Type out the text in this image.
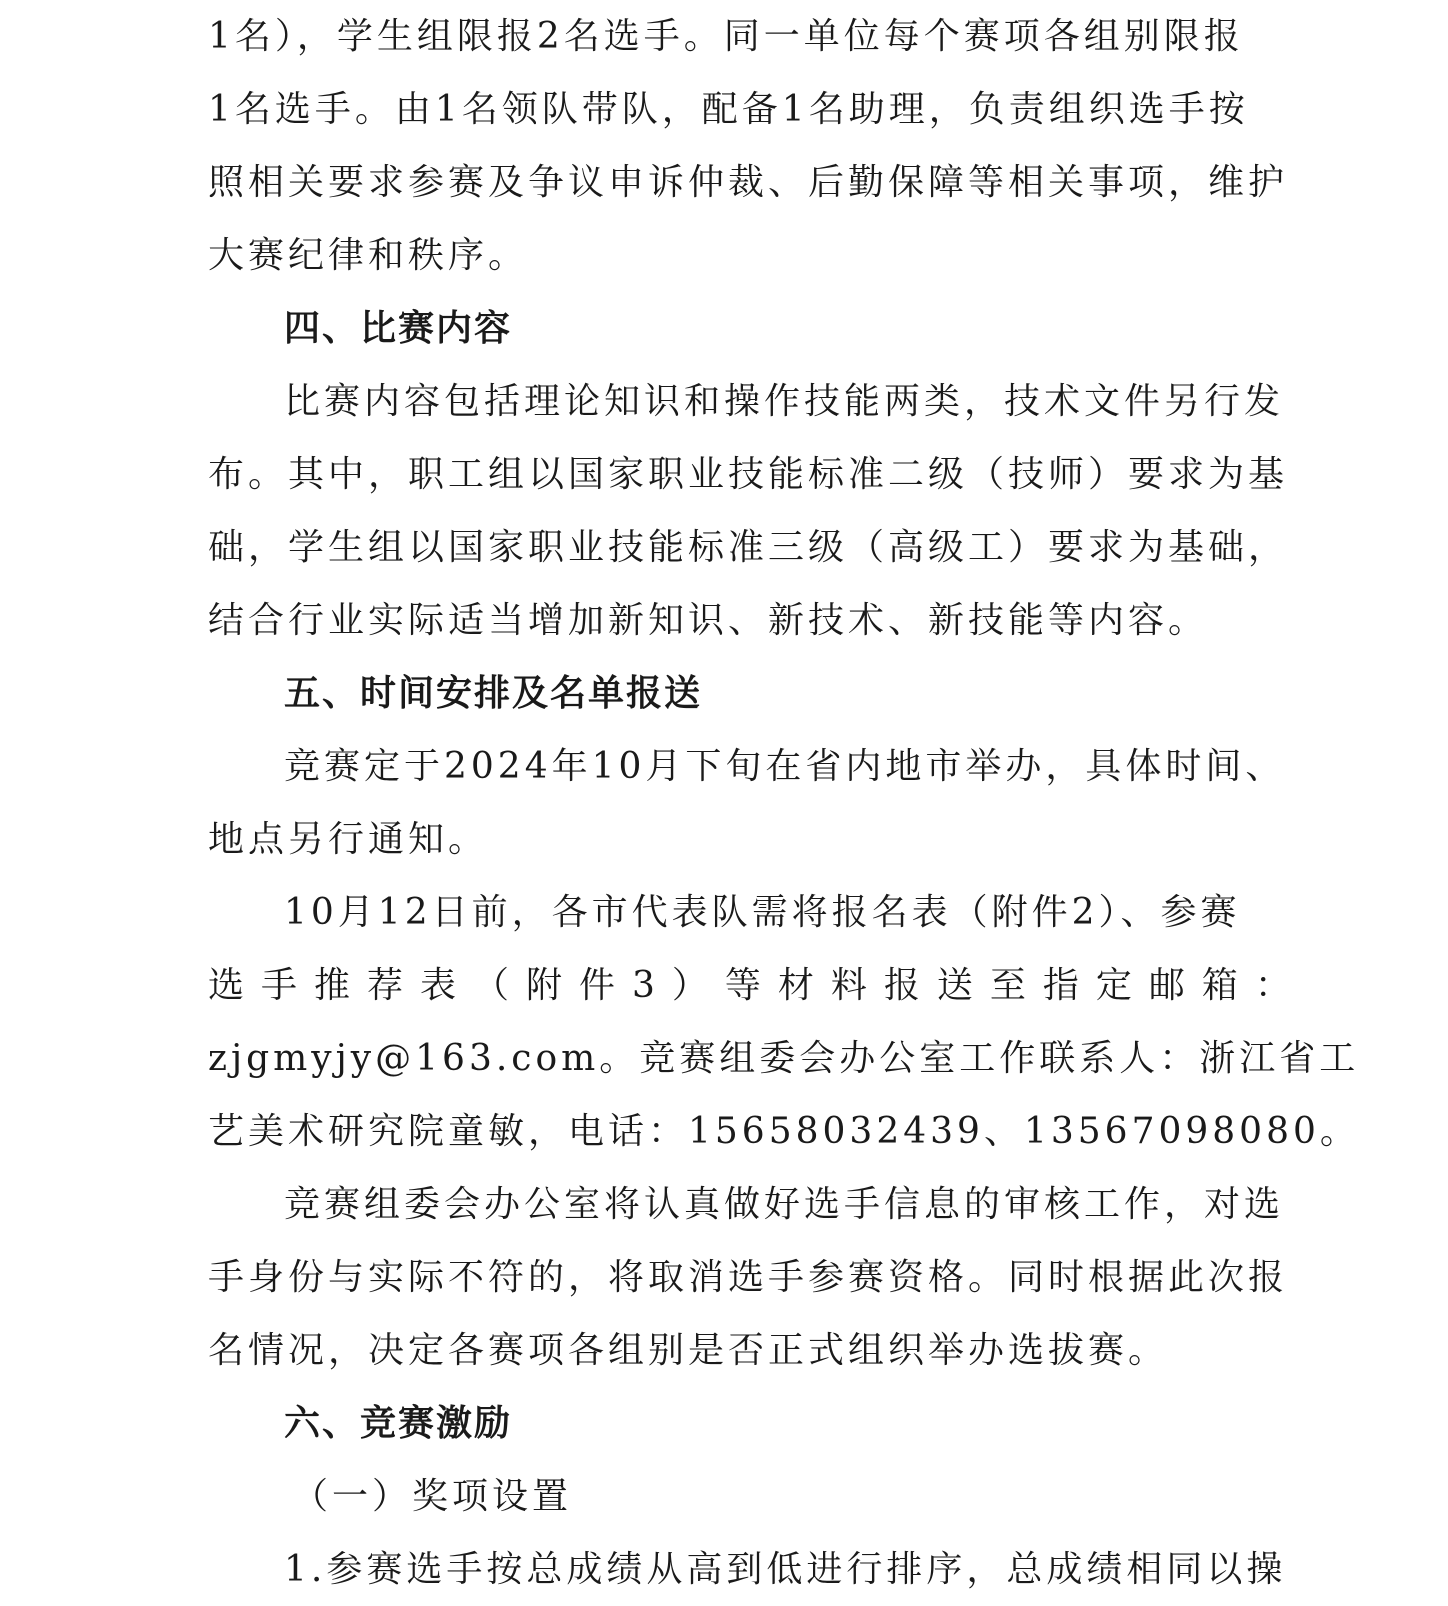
1名），学生组限报2名选手。同一单位每个赛项各组别限报
1名选手。由1名领队带队，配备1名助理，负责组织选手按
照相关要求参赛及争议申诉仲裁、后勤保障等相关事项，维护
大赛纪律和秩序。
四、比赛内容
比赛内容包括理论知识和操作技能两类，技术文件另行发
布。其中，职工组以国家职业技能标准二级（技师）要求为基
础，学生组以国家职业技能标准三级（高级工）要求为基础，
结合行业实际适当增加新知识、新技术、新技能等内容。
五、时间安排及名单报送
竞赛定于2024年10月下旬在省内地市举办，具体时间、
地点另行通知。
10月12日前，各市代表队需将报名表（附件2）、参赛
选手推荐表（附件3）等材料报送至指定邮箱：
zjgmyjy@163.com。竞赛组委会办公室工作联系人：浙江省工
艺美术研究院童敏，电话：15658032439、13567098080。
竞赛组委会办公室将认真做好选手信息的审核工作，对选
手身份与实际不符的，将取消选手参赛资格。同时根据此次报
名情况，决定各赛项各组别是否正式组织举办选拔赛。
六、竞赛激励
（一）奖项设置
1.参赛选手按总成绩从高到低进行排序，总成绩相同以操
